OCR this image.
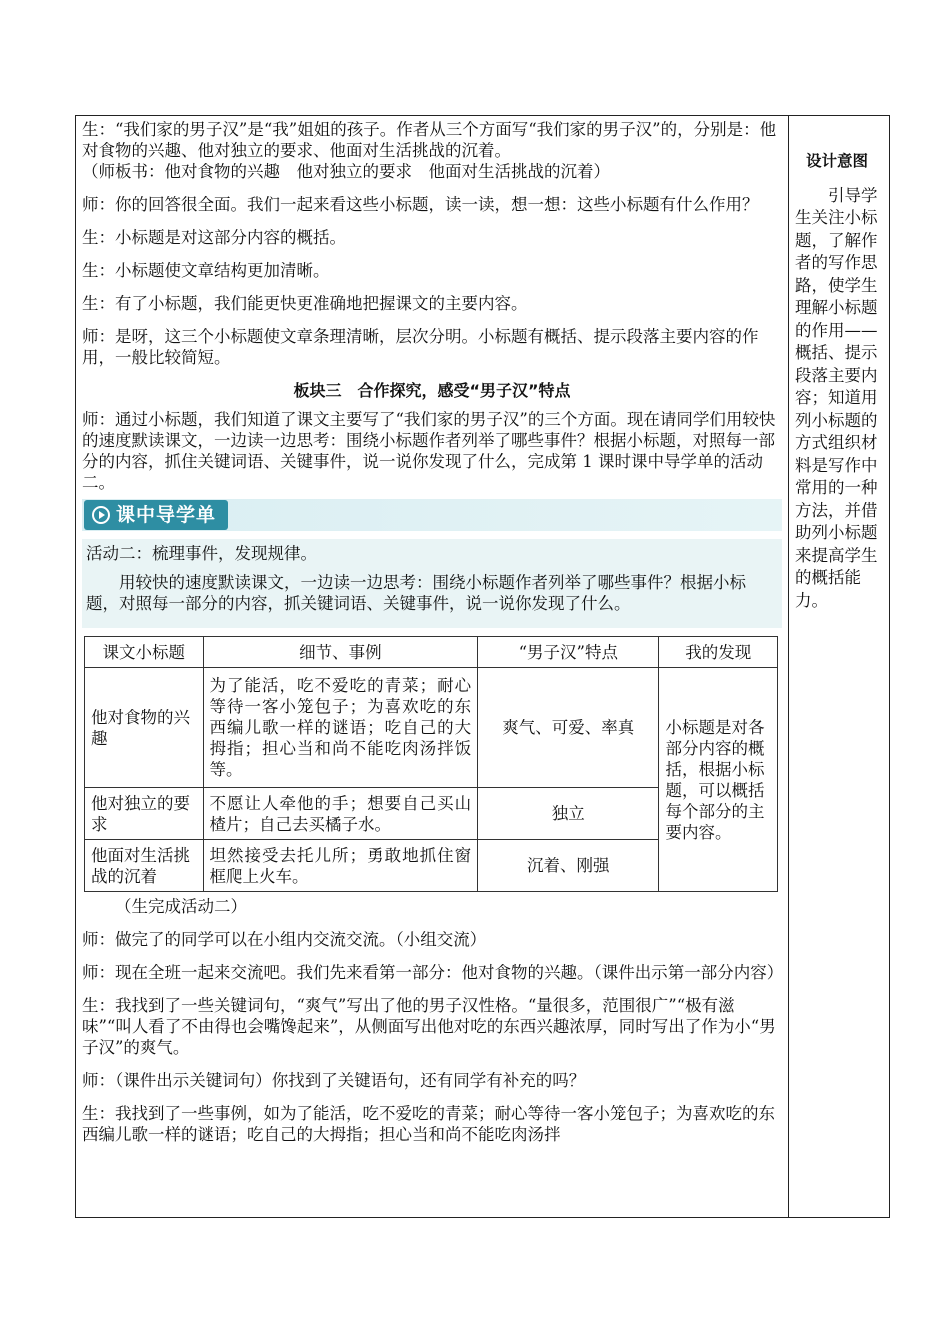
生：“我们家的男子汉”是“我”姐姐的孩子。作者从三个方面写“我们家的男子汉”的，分别是：他对食物的兴趣、他对独立的要求、他面对生活挑战的沉着。

（师板书：他对食物的兴趣　他对独立的要求　他面对生活挑战的沉着）

师：你的回答很全面。我们一起来看这些小标题，读一读，想一想：这些小标题有什么作用？

生：小标题是对这部分内容的概括。

生：小标题使文章结构更加清晰。

生：有了小标题，我们能更快更准确地把握课文的主要内容。

师：是呀，这三个小标题使文章条理清晰，层次分明。小标题有概括、提示段落主要内容的作用，一般比较简短。

板块三　合作探究，感受“男子汉”特点

师：通过小标题，我们知道了课文主要写了“我们家的男子汉”的三个方面。现在请同学们用较快的速度默读课文，一边读一边思考：围绕小标题作者列举了哪些事件？根据小标题，对照每一部分的内容，抓住关键词语、关键事件，说一说你发现了什么，完成第 1 课时课中导学单的活动二。

课中导学单

活动二：梳理事件，发现规律。

用较快的速度默读课文，一边读一边思考：围绕小标题作者列举了哪些事件？根据小标题，对照每一部分的内容，抓关键词语、关键事件，说一说你发现了什么。

课文小标题	细节、事例	“男子汉”特点	我的发现
他对食物的兴趣	为了能活，吃不爱吃的青菜；耐心等待一客小笼包子；为喜欢吃的东西编儿歌一样的谜语；吃自己的大拇指；担心当和尚不能吃肉汤拌饭等。	爽气、可爱、率真	小标题是对各部分内容的概括，根据小标题，可以概括每个部分的主要内容。
他对独立的要求	不愿让人牵他的手；想要自己买山楂片；自己去买橘子水。	独立	
他面对生活挑战的沉着	坦然接受去托儿所；勇敢地抓住窗框爬上火车。	沉着、刚强	

（生完成活动二）

师：做完了的同学可以在小组内交流交流。（小组交流）

师：现在全班一起来交流吧。我们先来看第一部分：他对食物的兴趣。（课件出示第一部分内容）

生：我找到了一些关键词句，“爽气”写出了他的男子汉性格。“量很多，范围很广”“极有滋味”“叫人看了不由得也会嘴馋起来”，从侧面写出他对吃的东西兴趣浓厚，同时写出了作为小“男子汉”的爽气。

师：（课件出示关键词句）你找到了关键语句，还有同学有补充的吗？

生：我找到了一些事例，如为了能活，吃不爱吃的青菜；耐心等待一客小笼包子；为喜欢吃的东西编儿歌一样的谜语；吃自己的大拇指；担心当和尚不能吃肉汤拌

设计意图
引导学生关注小标题，了解作者的写作思路，使学生理解小标题的作用——概括、提示段落主要内容；知道用列小标题的方式组织材料是写作中常用的一种方法，并借助列小标题来提高学生的概括能力。
